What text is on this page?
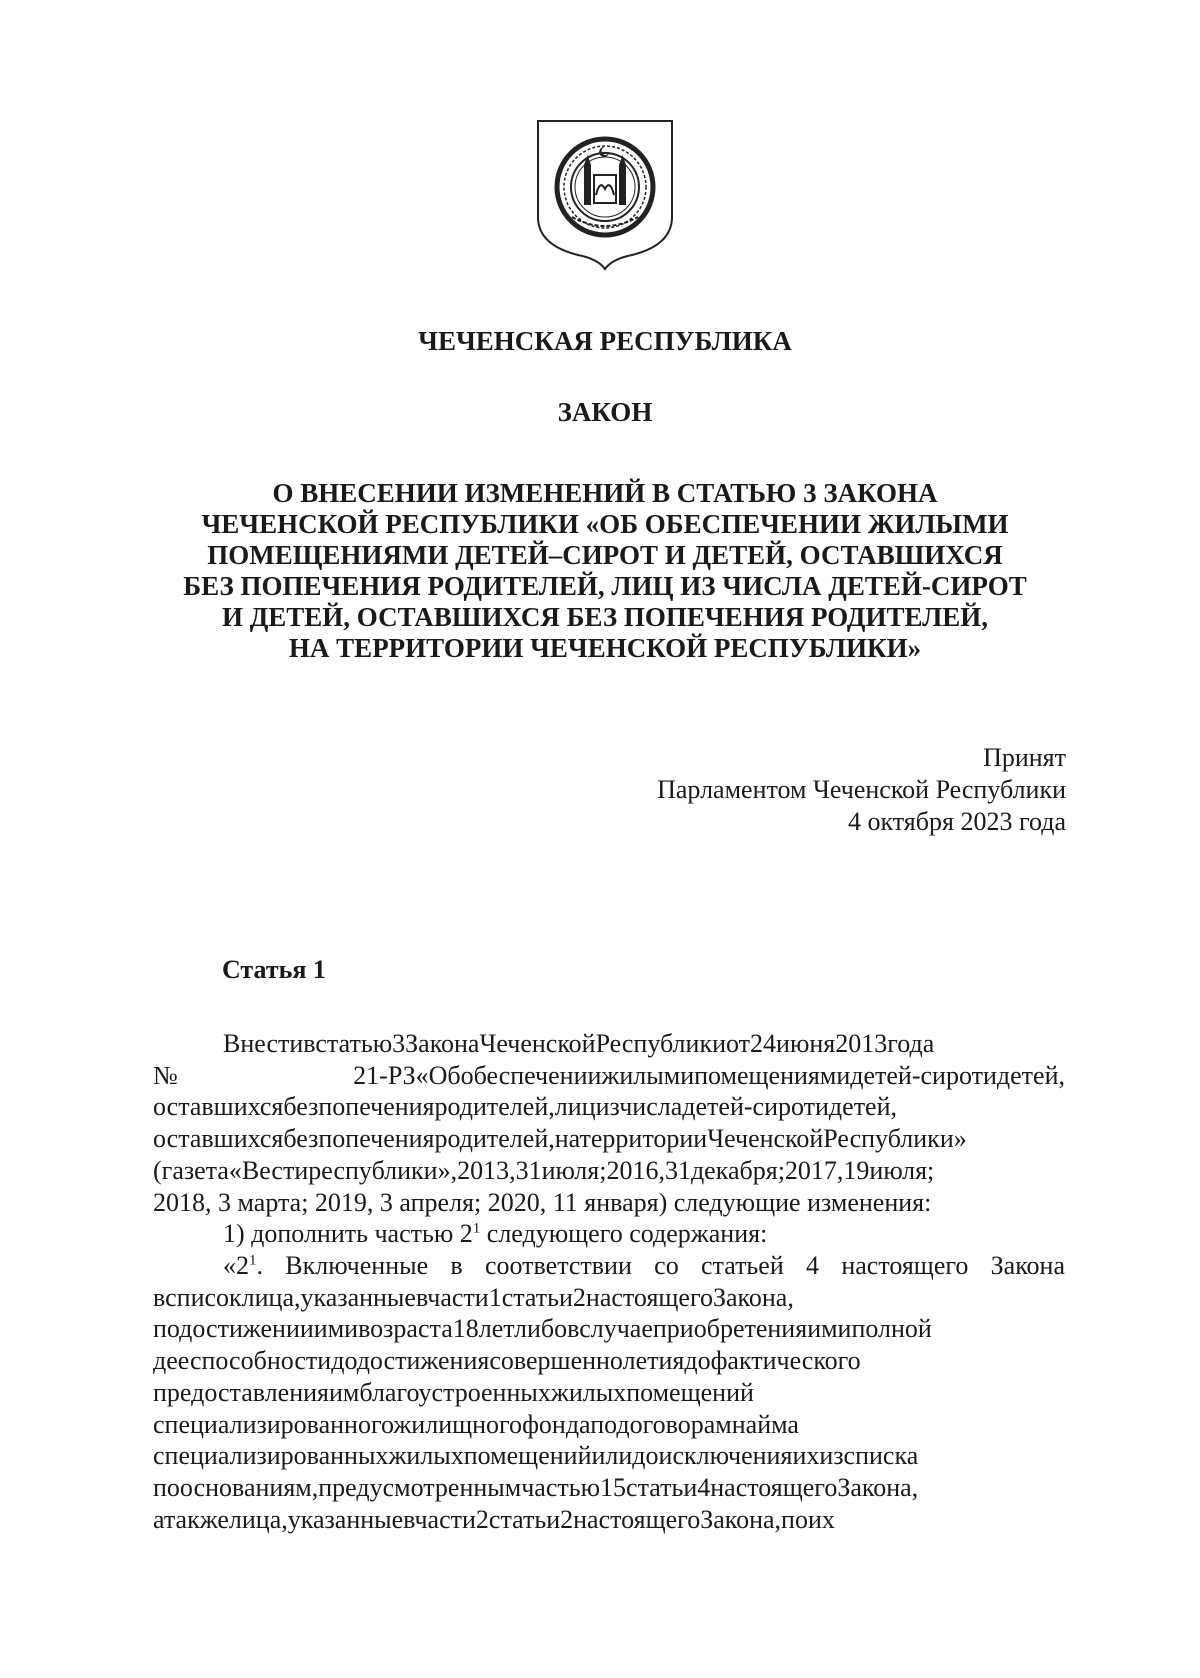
ЧЕЧЕНСКАЯ РЕСПУБЛИКА
ЗАКОН
О ВНЕСЕНИИ ИЗМЕНЕНИЙ В СТАТЬЮ 3 ЗАКОНА
ЧЕЧЕНСКОЙ РЕСПУБЛИКИ «ОБ ОБЕСПЕЧЕНИИ ЖИЛЫМИ
ПОМЕЩЕНИЯМИ ДЕТЕЙ–СИРОТ И ДЕТЕЙ, ОСТАВШИХСЯ
БЕЗ ПОПЕЧЕНИЯ РОДИТЕЛЕЙ, ЛИЦ ИЗ ЧИСЛА ДЕТЕЙ-СИРОТ
И ДЕТЕЙ, ОСТАВШИХСЯ БЕЗ ПОПЕЧЕНИЯ РОДИТЕЛЕЙ,
НА ТЕРРИТОРИИ ЧЕЧЕНСКОЙ РЕСПУБЛИКИ»
Принят
Парламентом Чеченской Республики
4 октября 2023 года
Статья 1
Внестивстатью3ЗаконаЧеченскойРеспубликиот24июня2013года
№21-РЗ«Обобеспечениижилымипомещениямидетей-сиротидетей,
оставшихсябезпопеченияродителей,лицизчисладетей-сиротидетей,
оставшихсябезпопеченияродителей,натерриторииЧеченскойРеспублики»
(газета«Вестиреспублики»,2013,31июля;2016,31декабря;2017,19июля;
2018, 3 марта; 2019, 3 апреля; 2020, 11 января) следующие изменения:
1) дополнить частью $2^1$ следующего содержания:
«$2^1$. Включенные в соответствии со статьей 4 настоящего Закона
всписоклица,указанныевчасти1статьи2настоящегоЗакона,
подостиженииимивозраста18летлибовслучаеприобретенияимиполной
дееспособностидодостижениясовершеннолетиядофактического
предоставленияимблагоустроенныхжилыхпомещений
специализированногожилищногофондаподоговорамнайма
специализированныхжилыхпомещенийилидоисключенияихизсписка
пооснованиям,предусмотреннымчастью15статьи4настоящегоЗакона,
атакжелица,указанныевчасти2статьи2настоящегоЗакона,поих
